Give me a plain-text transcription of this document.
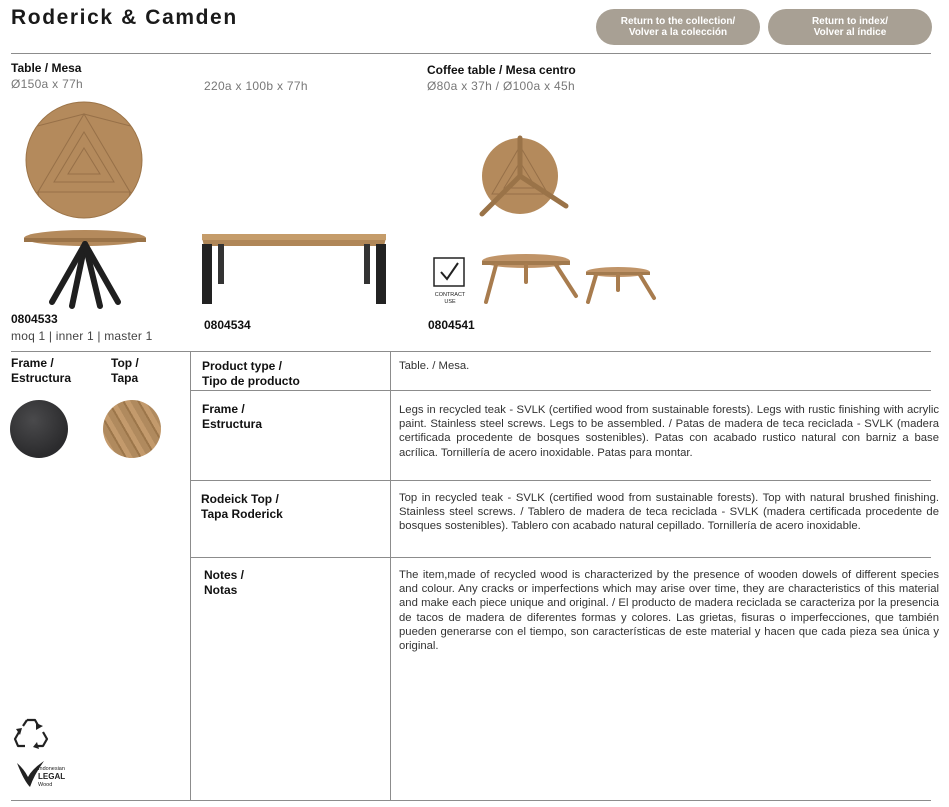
Roderick & Camden	Return to the collection/
Volver a la colección
Return to index/
Volver al índice
Table / Mesa
Ø150a x 77h	220a x 100b x 77h
Coffee table / Mesa centro
Ø80a x 37h / Ø100a x 45h
CONTRACT
USE
0804533
moq 1 | inner 1 | master 1
0804534	0804541
Frame /
Estructura
Top /
Tapa
Product type /
Tipo de producto
Table. / Mesa.
Frame /
Estructura
Legs in recycled teak - SVLK (certified wood from sustainable forests). Legs with rustic finishing with acrylic paint. Stainless steel screws. Legs to be assembled. / Patas de madera de teca reciclada - SVLK (madera certificada procedente de bosques sostenibles). Patas con acabado rustico natural con barniz a base acrílica. Tornillería de acero inoxidable. Patas para montar.
Rodeick Top /
Tapa Roderick
Top in recycled teak - SVLK (certified wood from sustainable forests). Top with natural brushed finishing. Stainless steel screws. / Tablero de madera de teca reciclada - SVLK (madera certificada procedente de bosques sostenibles). Tablero con acabado natural cepillado. Tornillería de acero inoxidable.
Notes /
Notas
The item,made of recycled wood is characterized by the presence of wooden dowels of different species and colour. Any cracks or imperfections which may arise over time, they are characteristics of this material and make each piece unique and original. / El producto de madera reciclada se caracteriza por la presencia de tacos de madera de diferentes formas y colores. Las grietas, fisuras o imperfecciones, que también pueden generarse con el tiempo, son características de este material y hacen que cada pieza sea única y original.
Indonesian
LEGAL
Wood
